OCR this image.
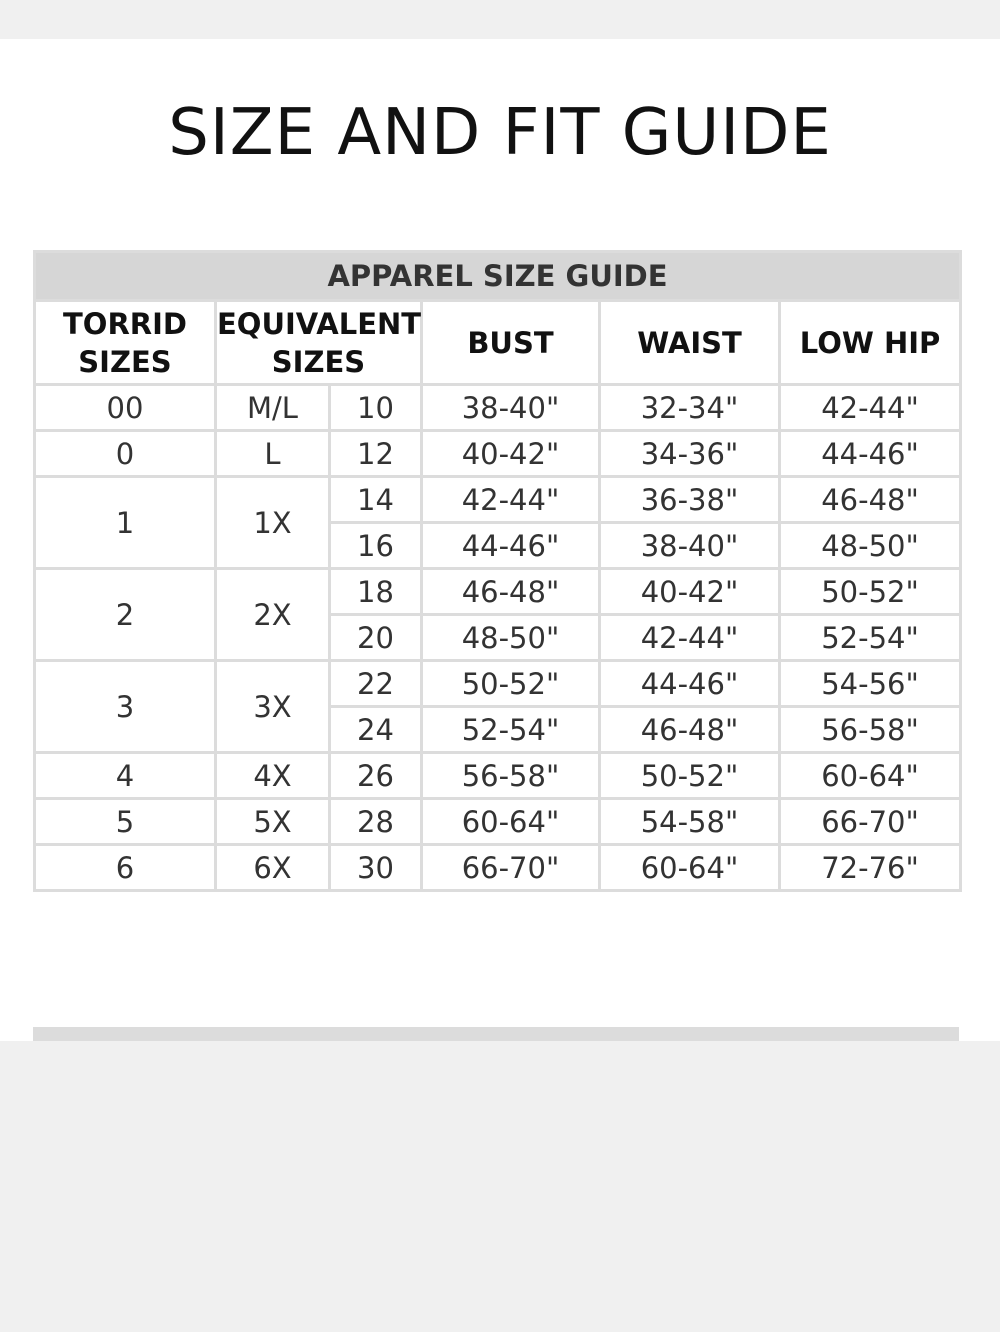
SIZE AND FIT GUIDE
APPAREL SIZE GUIDE					
TORRID SIZES	EQUIVALENT SIZES		BUST	WAIST	LOW HIP
00	M/L	10	38-40"	32-34"	42-44"
0	L	12	40-42"	34-36"	44-46"
1	1X	14	42-44"	36-38"	46-48"
		16	44-46"	38-40"	48-50"
2	2X	18	46-48"	40-42"	50-52"
		20	48-50"	42-44"	52-54"
3	3X	22	50-52"	44-46"	54-56"
		24	52-54"	46-48"	56-58"
4	4X	26	56-58"	50-52"	60-64"
5	5X	28	60-64"	54-58"	66-70"
6	6X	30	66-70"	60-64"	72-76"
